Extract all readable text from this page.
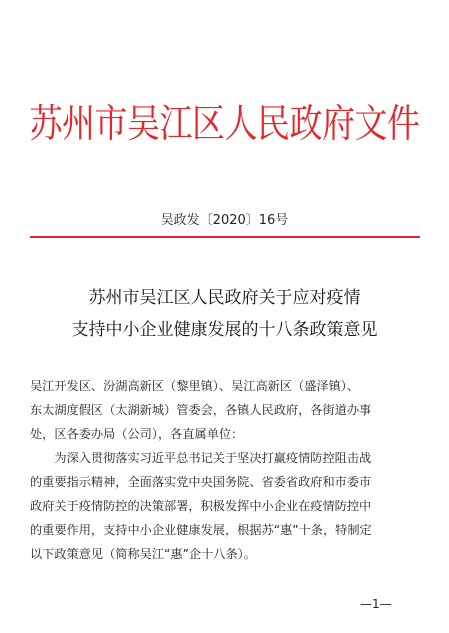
苏州市吴江区人民政府文件
吴政发〔2020〕16号
苏州市吴江区人民政府关于应对疫情
支持中小企业健康发展的十八条政策意见
吴江开发区、汾湖高新区（黎里镇）、吴江高新区（盛泽镇）、
东太湖度假区（太湖新城）管委会，各镇人民政府，各街道办事
处，区各委办局（公司），各直属单位：
　　为深入贯彻落实习近平总书记关于坚决打赢疫情防控阻击战
的重要指示精神，全面落实党中央国务院、省委省政府和市委市
政府关于疫情防控的决策部署，积极发挥中小企业在疫情防控中
的重要作用，支持中小企业健康发展，根据苏“惠”十条，特制定
以下政策意见（简称吴江“惠”企十八条）。
—1—
